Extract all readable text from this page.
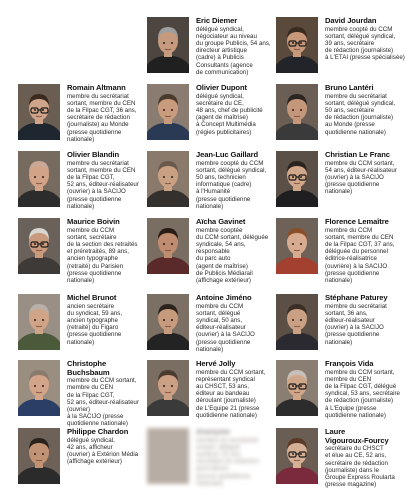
Eric Diemer
délégué syndical,
négociateur au niveau
du groupe Publicis, 54 ans,
directeur artistique
(cadre) à Publicis
Consultants (agence
de communication)
David Jourdan
membre coopté du CCM
sortant, délégué syndical,
39 ans, secrétaire
de rédaction (journaliste)
à L'ETAI (presse spécialisée)
Romain Altmann
membre du secrétariat
sortant, membre du CEN
de la Filpac CGT, 36 ans,
secrétaire de rédaction
(journaliste) au Monde
(presse quotidienne
nationale)
Olivier Dupont
délégué syndical,
secrétaire du CE,
48 ans, chef de publicité
(agent de maîtrise)
à Concept Multimédia
(régies publicitaires)
Bruno Lantéri
membre du secrétariat
sortant, délégué syndical,
50 ans, secrétaire
de rédaction (journaliste)
au Monde (presse
quotidienne nationale)
Olivier Blandin
membre du secrétariat
sortant, membre du CEN
de la Filpac CGT,
52 ans, éditeur-réalisateur
(ouvrier) à la SACIJO
(presse quotidienne
nationale)
Jean-Luc Gaillard
membre coopté du CCM
sortant, délégué syndical,
50 ans, technicien
informatique (cadre)
à l'Humanité
(presse quotidienne
nationale)
Christian Le Franc
membre du CCM sortant,
54 ans, éditeur-réalisateur
(ouvrier) à la SACIJO
(presse quotidienne
nationale)
Maurice Boivin
membre du CCM
sortant, secrétaire
de la section des retraités
et préretraités, 89 ans,
ancien typographe
(retraité) du Parisien
(presse quotidienne
nationale)
Aïcha Gavinet
membre cooptée
du CCM sortant, déléguée
syndicale, 54 ans,
responsable
du parc auto
(agent de maîtrise)
de Publicis Médiarail
(affichage extérieur)
Florence Lemaître
membre du CCM
sortant, membre du CEN
de la Filpac CGT, 37 ans,
déléguée du personnel
éditrice-réalisatrice
(ouvrière) à la SACIJO
(presse quotidienne
nationale)
Michel Brunot
ancien secrétaire
du syndicat, 59 ans,
ancien typographe
(retraité) du Figaro
(presse quotidienne
nationale)
Antoine Jiméno
membre du CCM
sortant, délégué
syndical, 50 ans,
éditeur-réalisateur
(ouvrier) à la SACIJO
(presse quotidienne
nationale)
Stéphane Paturey
membre du secrétariat
sortant, 36 ans,
éditeur-réalisateur
(ouvrier) à la SACIJO
(presse quotidienne
nationale)
Christophe
Buchsbaum
membre du CCM sortant,
membre du CEN
de la Filpac CGT,
52 ans, éditeur-réalisateur
(ouvrier)
à la SACIJO (presse
quotidienne nationale)
Hervé Jolly
membre du CCM sortant,
représentant syndical
au CHSCT, 53 ans,
éditeur au bandeau
déroulant (journaliste)
de L'Equipe 21 (presse
quotidienne nationale)
François Vida
membre du CCM sortant,
membre du CEN
de la Filpac CGT, délégué
syndical, 53 ans, secrétaire
de rédaction (journaliste)
à L'Equipe (presse
quotidienne nationale)
Philippe Chardon
délégué syndical,
42 ans, afficheur
(ouvrier) à Extérion Média
(affichage extérieur)
Laure
Vigouroux-Fourcy
secrétaire du CHSCT
et élue au CE, 52 ans,
secrétaire de rédaction
(journaliste) dans le
Groupe Express Roularta
(presse magazine)
Anonyme
membre du secrétariat
sortant, délégué
syndical, 50 ans,
secrétaire de rédaction
(journaliste)
(presse quotidienne
nationale)
